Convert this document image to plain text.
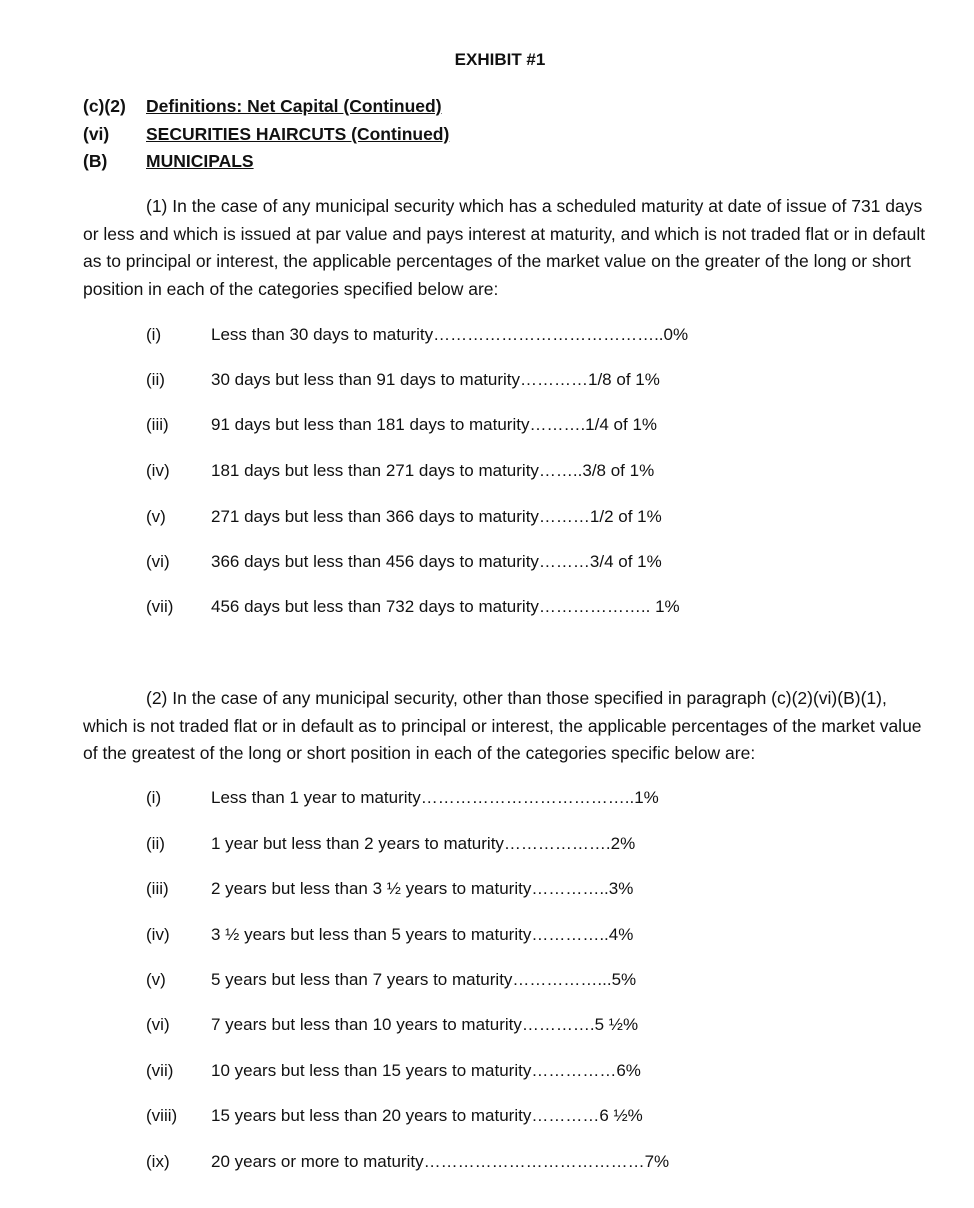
EXHIBIT #1
(c)(2) Definitions: Net Capital (Continued)
(vi) SECURITIES HAIRCUTS (Continued)
(B) MUNICIPALS
(1) In the case of any municipal security which has a scheduled maturity at date of issue of 731 days or less and which is issued at par value and pays interest at maturity, and which is not traded flat or in default as to principal or interest, the applicable percentages of the market value on the greater of the long or short position in each of the categories specified below are:
(i)	Less than 30 days to maturity…………………………………..0%
(ii)	30 days but less than 91 days to maturity…………1/8 of 1%
(iii) 91 days but less than 181 days to maturity……….1/4 of 1%
(iv) 181 days but less than 271 days to maturity……..3/8 of 1%
(v)	271 days but less than 366 days to maturity………1/2 of 1%
(vi) 366 days but less than 456 days to maturity………3/4 of 1%
(vii) 456 days but less than 732 days to maturity……………….. 1%
(2) In the case of any municipal security, other than those specified in paragraph (c)(2)(vi)(B)(1), which is not traded flat or in default as to principal or interest, the applicable percentages of the market value of the greatest of the long or short position in each of the categories specific below are:
(i)	Less than 1 year to maturity………………………………..1%
(ii)	1 year but less than 2 years to maturity……………….2%
(iii) 2 years but less than 3 ½ years to maturity…………..3%
(iv) 3 ½ years but less than 5 years to maturity…………..4%
(v)	5 years but less than 7 years to maturity……………...5%
(vi) 7 years but less than 10 years to maturity………….5 ½%
(vii) 10 years but less than 15 years to maturity……………6%
(viii) 15 years but less than 20 years to maturity…………6 ½%
(ix) 20 years or more to maturity…………………………………7%
